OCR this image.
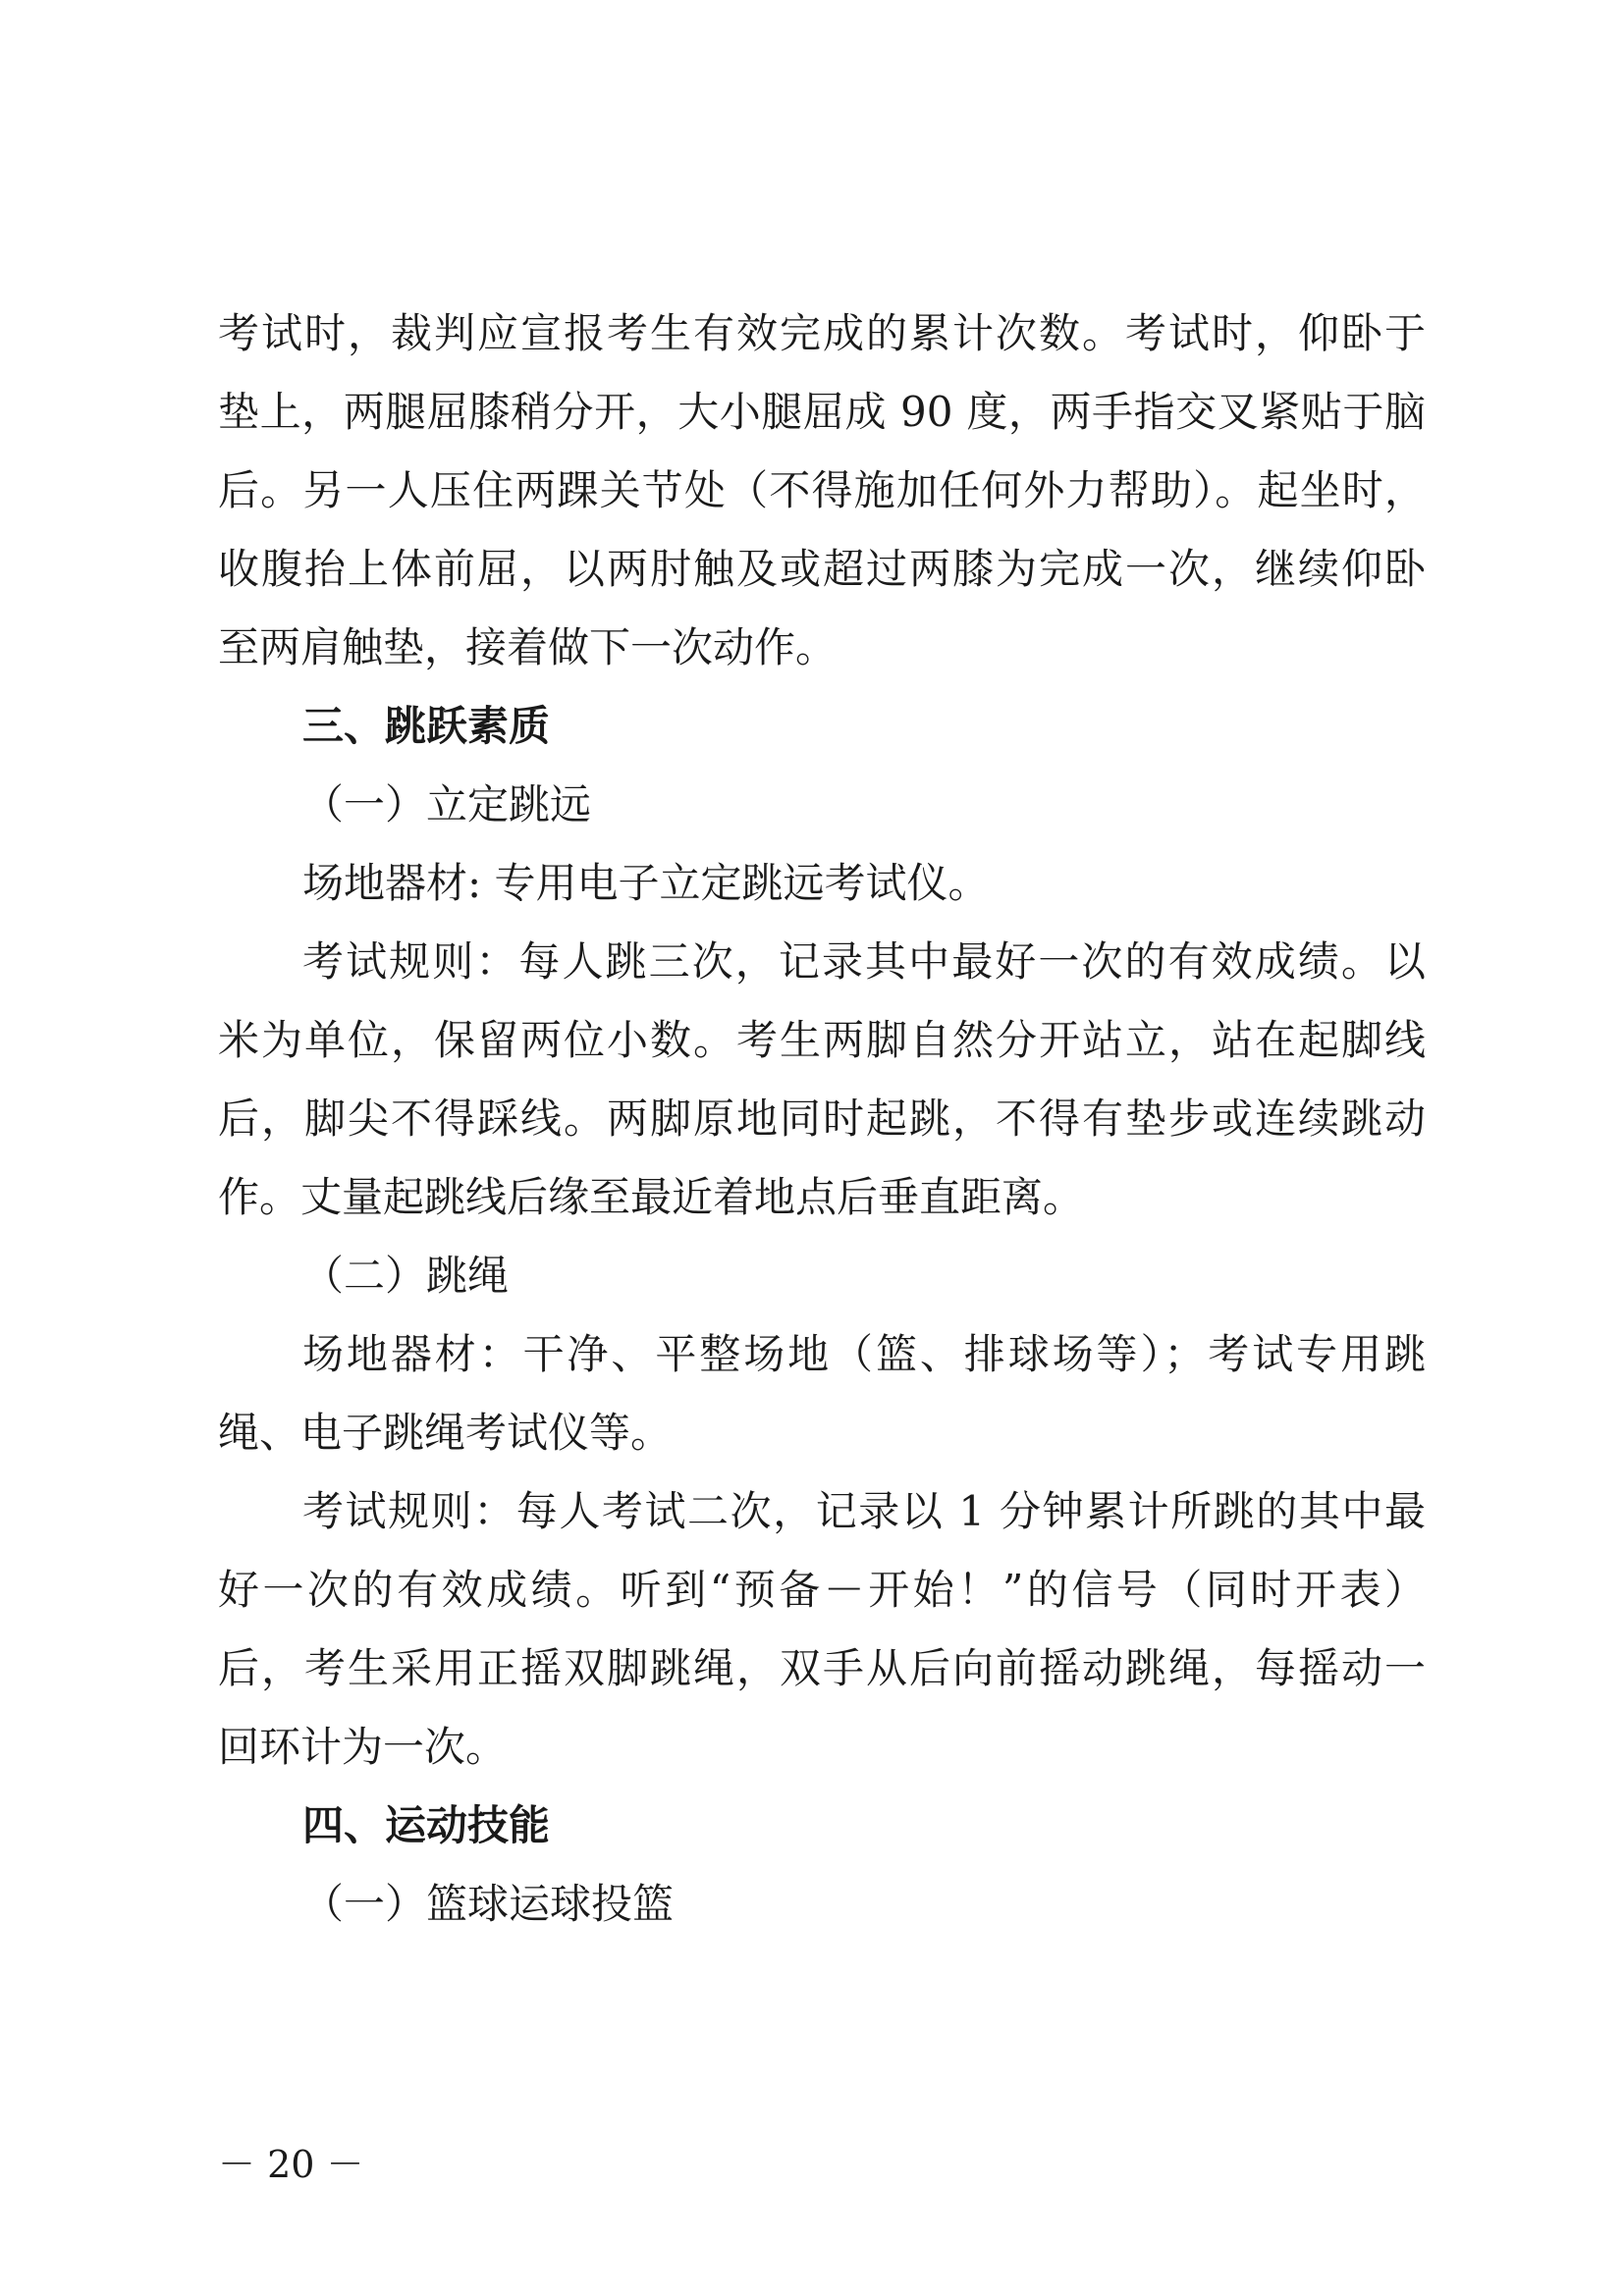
考试时，裁判应宣报考生有效完成的累计次数。考试时，仰卧于
垫上，两腿屈膝稍分开，大小腿屈成 90 度，两手指交叉紧贴于脑
后。另一人压住两踝关节处（不得施加任何外力帮助）。起坐时，
收腹抬上体前屈，以两肘触及或超过两膝为完成一次，继续仰卧
至两肩触垫，接着做下一次动作。
三、跳跃素质
（一）立定跳远
场地器材: 专用电子立定跳远考试仪。
考试规则：每人跳三次，记录其中最好一次的有效成绩。以
米为单位，保留两位小数。考生两脚自然分开站立，站在起脚线
后，脚尖不得踩线。两脚原地同时起跳，不得有垫步或连续跳动
作。丈量起跳线后缘至最近着地点后垂直距离。
（二）跳绳
场地器材：干净、平整场地（篮、排球场等）；考试专用跳
绳、电子跳绳考试仪等。
考试规则：每人考试二次，记录以 1 分钟累计所跳的其中最
好一次的有效成绩。听到“预备－开始！”的信号（同时开表）
后，考生采用正摇双脚跳绳，双手从后向前摇动跳绳，每摇动一
回环计为一次。
四、运动技能
（一）篮球运球投篮
－ 20 －
